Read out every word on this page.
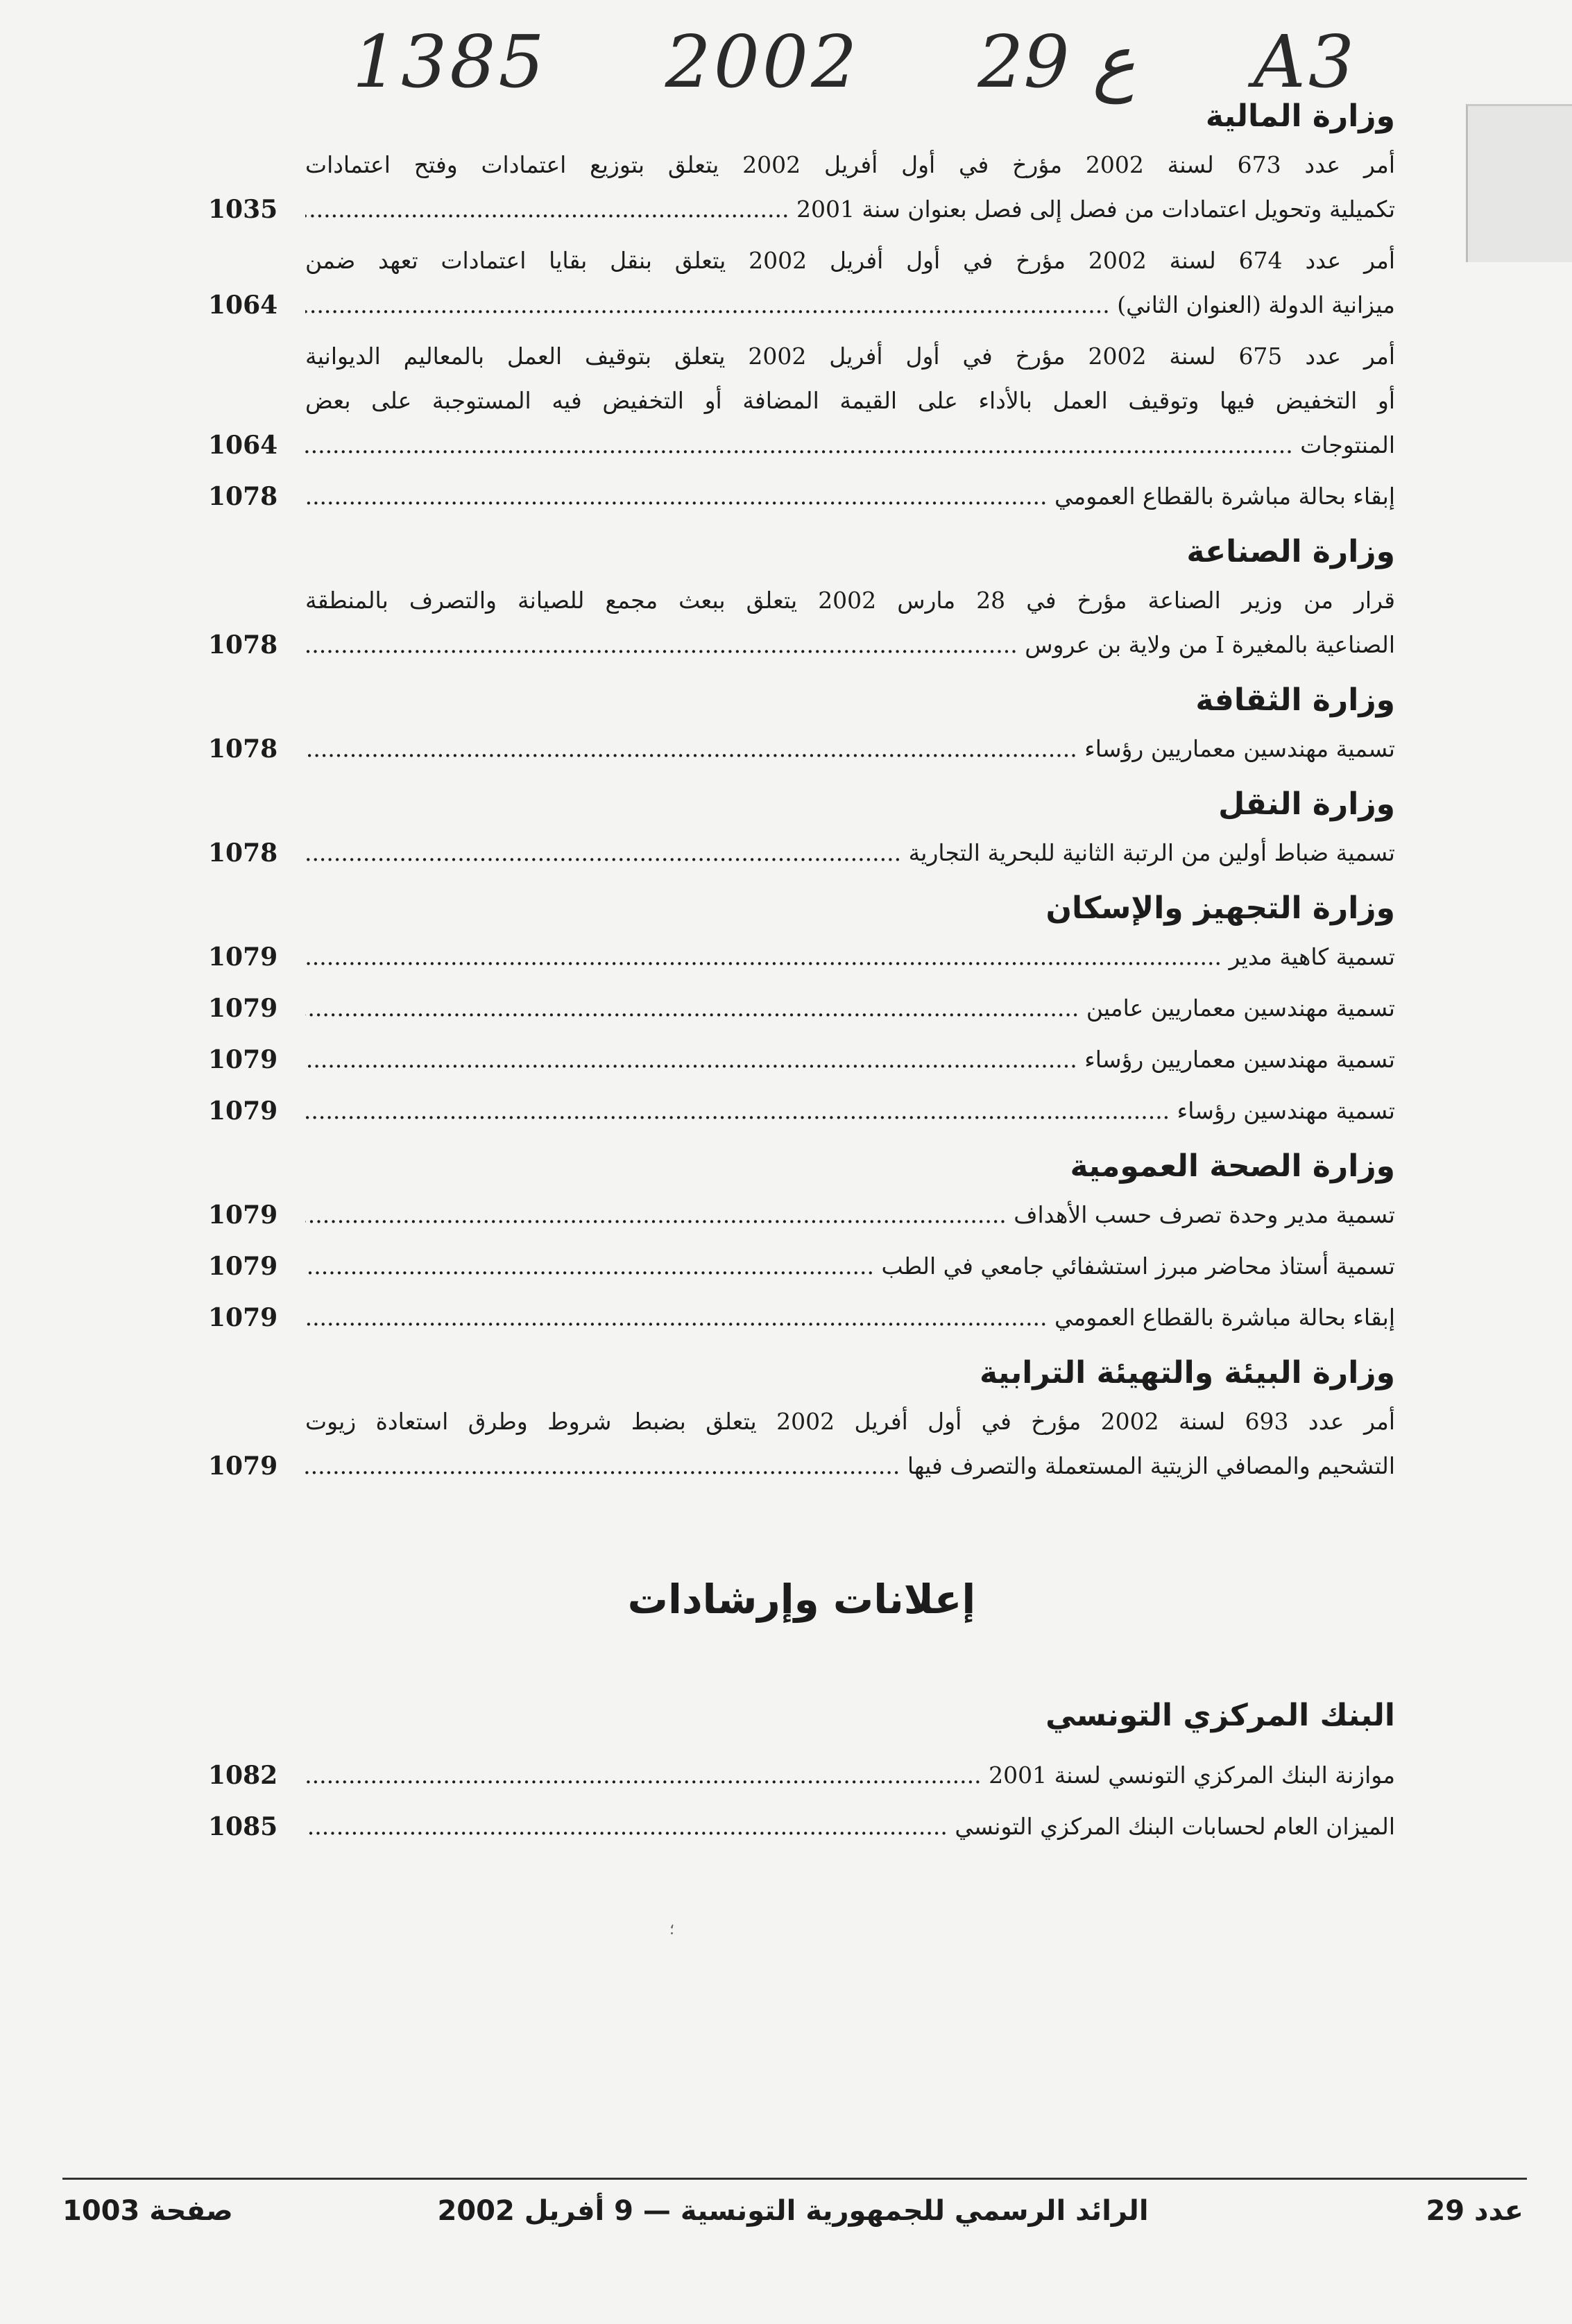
1385 2002 29 ع A3
وزارة المالية
أمر عدد 673 لسنة 2002 مؤرخ في أول أفريل 2002 يتعلق بتوزيع اعتمادات وفتح اعتمادات
تكميلية وتحويل اعتمادات من فصل إلى فصل بعنوان سنة 2001 .....
1035
أمر عدد 674 لسنة 2002 مؤرخ في أول أفريل 2002 يتعلق بنقل بقايا اعتمادات تعهد ضمن
ميزانية الدولة (العنوان الثاني) .....
1064
أمر عدد 675 لسنة 2002 مؤرخ في أول أفريل 2002 يتعلق بتوقيف العمل بالمعاليم الديوانية
أو التخفيض فيها وتوقيف العمل بالأداء على القيمة المضافة أو التخفيض فيه المستوجبة على بعض
المنتوجات .....
1064
إبقاء بحالة مباشرة بالقطاع العمومي .....
1078
وزارة الصناعة
قرار من وزير الصناعة مؤرخ في 28 مارس 2002 يتعلق ببعث مجمع للصيانة والتصرف بالمنطقة
الصناعية بالمغيرة I من ولاية بن عروس .....
1078
وزارة الثقافة
تسمية مهندسين معماريين رؤساء .....
1078
وزارة النقل
تسمية ضباط أولين من الرتبة الثانية للبحرية التجارية .....
1078
وزارة التجهيز والإسكان
تسمية كاهية مدير .....
1079
تسمية مهندسين معماريين عامين .....
1079
تسمية مهندسين معماريين رؤساء .....
1079
تسمية مهندسين رؤساء .....
1079
وزارة الصحة العمومية
تسمية مدير وحدة تصرف حسب الأهداف .....
1079
تسمية أستاذ محاضر مبرز استشفائي جامعي في الطب .....
1079
إبقاء بحالة مباشرة بالقطاع العمومي .....
1079
وزارة البيئة والتهيئة الترابية
أمر عدد 693 لسنة 2002 مؤرخ في أول أفريل 2002 يتعلق بضبط شروط وطرق استعادة زيوت
التشحيم والمصافي الزيتية المستعملة والتصرف فيها .....
1079
إعلانات وإرشادات
البنك المركزي التونسي
موازنة البنك المركزي التونسي لسنة 2001 .....
1082
الميزان العام لحسابات البنك المركزي التونسي .....
1085
؛
عدد 29
الرائد الرسمي للجمهورية التونسية — 9 أفريل 2002
صفحة 1003
